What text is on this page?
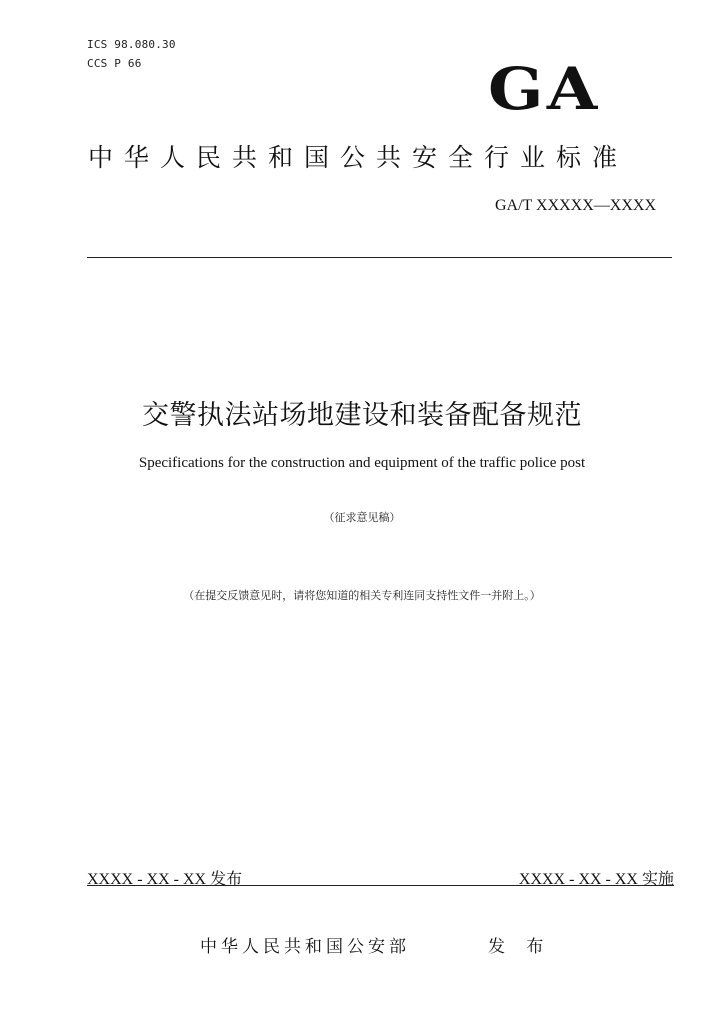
ICS 98.080.30
CCS P 66	GA
中华人民共和国公共安全行业标准
GA/T XXXXX—XXXX
交警执法站场地建设和装备配备规范
Specifications for the construction and equipment of the traffic police post
（征求意见稿）
（在提交反馈意见时，请将您知道的相关专利连同支持性文件一并附上。）
XXXX - XX - XX 发布	XXXX - XX - XX 实施
中华人民共和国公安部	发 布
